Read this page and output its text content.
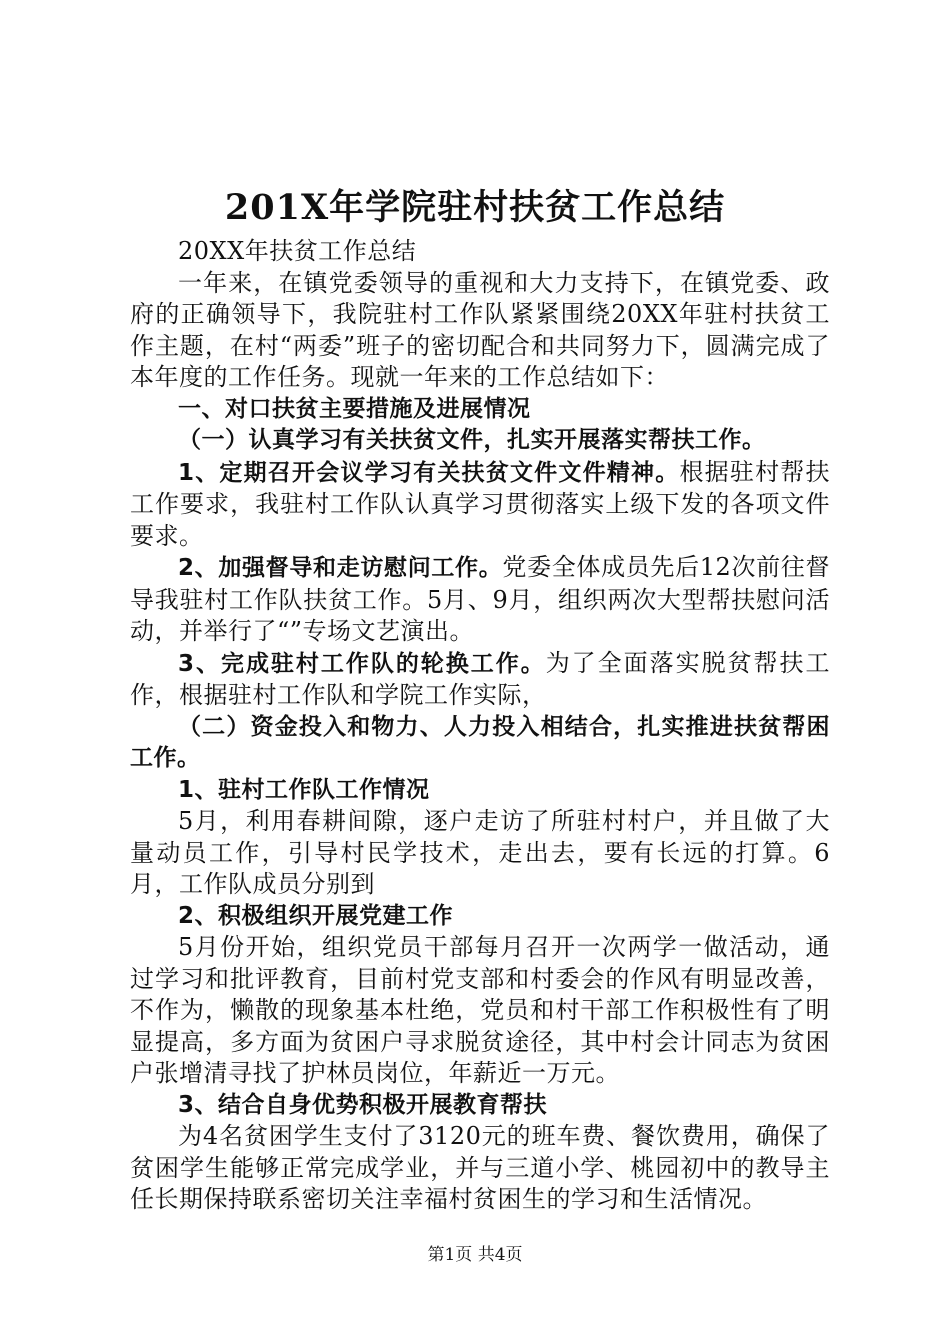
201X年学院驻村扶贫工作总结

20XX年扶贫工作总结

一年来，在镇党委领导的重视和大力支持下，在镇党委、政府的正确领导下，我院驻村工作队紧紧围绕20XX年驻村扶贫工作主题，在村“两委”班子的密切配合和共同努力下，圆满完成了本年度的工作任务。现就一年来的工作总结如下：

一、对口扶贫主要措施及进展情况

（一）认真学习有关扶贫文件，扎实开展落实帮扶工作。

1、定期召开会议学习有关扶贫文件文件精神。根据驻村帮扶工作要求，我驻村工作队认真学习贯彻落实上级下发的各项文件要求。

2、加强督导和走访慰问工作。党委全体成员先后12次前往督导我驻村工作队扶贫工作。5月、9月，组织两次大型帮扶慰问活动，并举行了“”专场文艺演出。

3、完成驻村工作队的轮换工作。为了全面落实脱贫帮扶工作，根据驻村工作队和学院工作实际，

（二）资金投入和物力、人力投入相结合，扎实推进扶贫帮困工作。

1、驻村工作队工作情况

5月，利用春耕间隙，逐户走访了所驻村村户，并且做了大量动员工作，引导村民学技术，走出去，要有长远的打算。6月，工作队成员分别到

2、积极组织开展党建工作

5月份开始，组织党员干部每月召开一次两学一做活动，通过学习和批评教育，目前村党支部和村委会的作风有明显改善，不作为，懒散的现象基本杜绝，党员和村干部工作积极性有了明显提高，多方面为贫困户寻求脱贫途径，其中村会计同志为贫困户张增清寻找了护林员岗位，年薪近一万元。

3、结合自身优势积极开展教育帮扶

为4名贫困学生支付了3120元的班车费、餐饮费用，确保了贫困学生能够正常完成学业，并与三道小学、桃园初中的教导主任长期保持联系密切关注幸福村贫困生的学习和生活情况。

第1页 共4页
